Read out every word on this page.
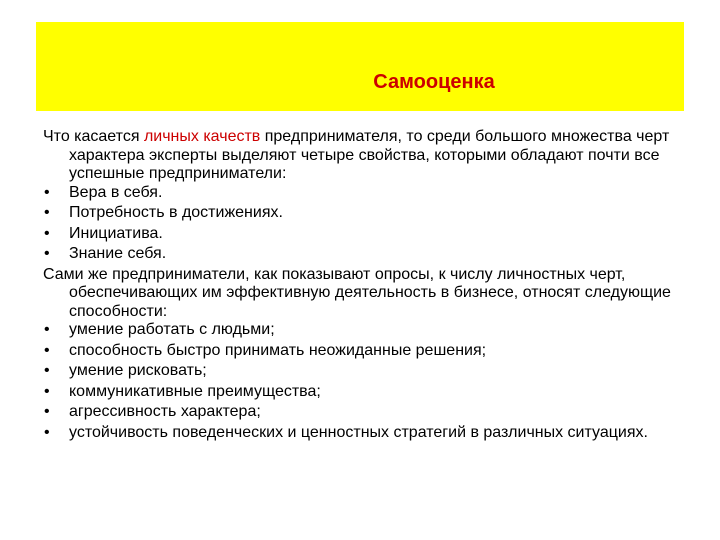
Самооценка

Что касается личных качеств предпринимателя, то среди большого множества черт характера эксперты выделяют четыре свойства, которыми обладают почти все успешные предприниматели:

• Вера в себя.
• Потребность в достижениях.
• Инициатива.
• Знание себя.

Сами же предприниматели, как показывают опросы, к числу личностных черт, обеспечивающих им эффективную деятельность в бизнесе, относят следующие способности:

• умение работать с людьми;
• способность быстро принимать неожиданные решения;
• умение рисковать;
• коммуникативные преимущества;
• агрессивность характера;
• устойчивость поведенческих и ценностных стратегий в различных ситуациях.
